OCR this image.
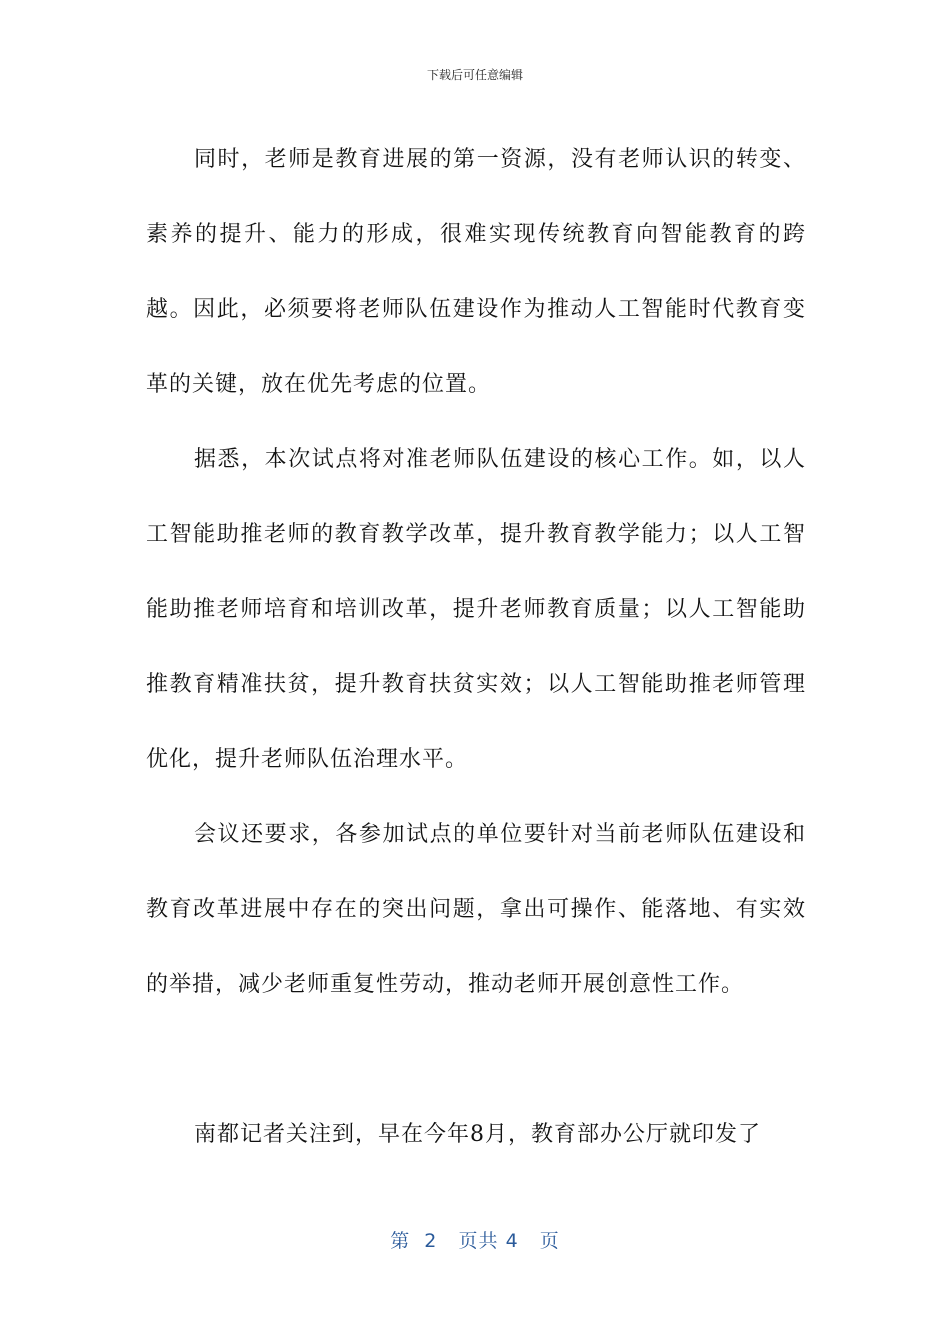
下载后可任意编辑

同时，老师是教育进展的第一资源，没有老师认识的转变、素养的提升、能力的形成，很难实现传统教育向智能教育的跨越。因此，必须要将老师队伍建设作为推动人工智能时代教育变革的关键，放在优先考虑的位置。

据悉，本次试点将对准老师队伍建设的核心工作。如，以人工智能助推老师的教育教学改革，提升教育教学能力；以人工智能助推老师培育和培训改革，提升老师教育质量；以人工智能助推教育精准扶贫，提升教育扶贫实效；以人工智能助推老师管理优化，提升老师队伍治理水平。

会议还要求，各参加试点的单位要针对当前老师队伍建设和教育改革进展中存在的突出问题，拿出可操作、能落地、有实效的举措，减少老师重复性劳动，推动老师开展创意性工作。

南都记者关注到，早在今年8月，教育部办公厅就印发了

第 2 页共 4 页
